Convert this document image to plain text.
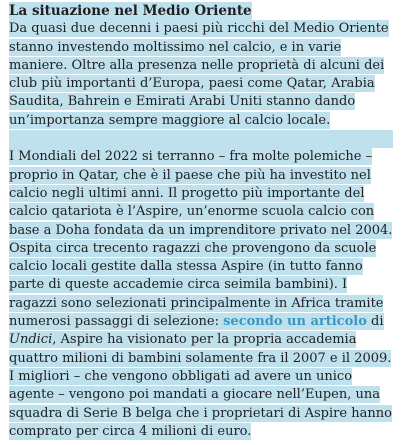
La situazione nel Medio Oriente

Da quasi due decenni i paesi più ricchi del Medio Oriente stanno investendo moltissimo nel calcio, e in varie maniere. Oltre alla presenza nelle proprietà di alcuni dei club più importanti d’Europa, paesi come Qatar, Arabia Saudita, Bahrein e Emirati Arabi Uniti stanno dando un’importanza sempre maggiore al calcio locale.

I Mondiali del 2022 si terranno – fra molte polemiche – proprio in Qatar, che è il paese che più ha investito nel calcio negli ultimi anni. Il progetto più importante del calcio qatariota è l’Aspire, un’enorme scuola calcio con base a Doha fondata da un imprenditore privato nel 2004. Ospita circa trecento ragazzi che provengono da scuole calcio locali gestite dalla stessa Aspire (in tutto fanno parte di queste accademie circa seimila bambini). I ragazzi sono selezionati principalmente in Africa tramite numerosi passaggi di selezione: secondo un articolo di Undici, Aspire ha visionato per la propria accademia quattro milioni di bambini solamente fra il 2007 e il 2009. I migliori – che vengono obbligati ad avere un unico agente – vengono poi mandati a giocare nell’Eupen, una squadra di Serie B belga che i proprietari di Aspire hanno comprato per circa 4 milioni di euro.
